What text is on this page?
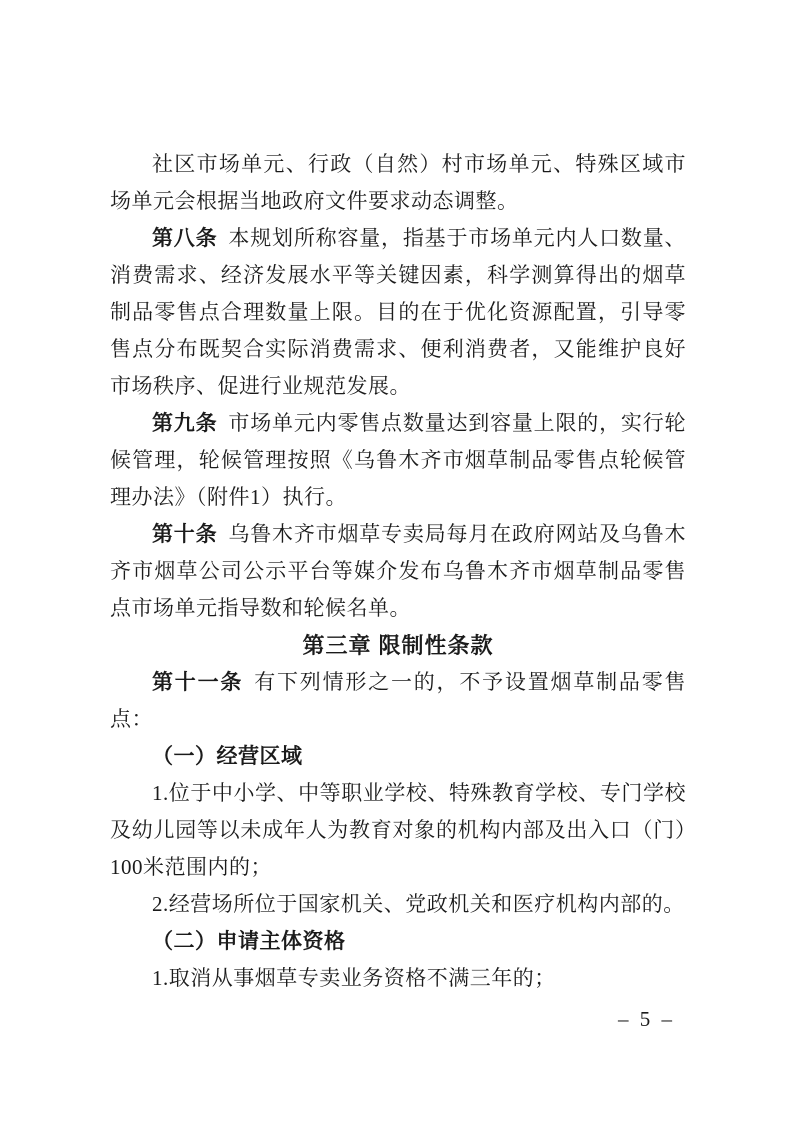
社区市场单元、行政（自然）村市场单元、特殊区域市场单元会根据当地政府文件要求动态调整。

第八条 本规划所称容量，指基于市场单元内人口数量、消费需求、经济发展水平等关键因素，科学测算得出的烟草制品零售点合理数量上限。目的在于优化资源配置，引导零售点分布既契合实际消费需求、便利消费者，又能维护良好市场秩序、促进行业规范发展。

第九条 市场单元内零售点数量达到容量上限的，实行轮候管理，轮候管理按照《乌鲁木齐市烟草制品零售点轮候管理办法》（附件1）执行。

第十条 乌鲁木齐市烟草专卖局每月在政府网站及乌鲁木齐市烟草公司公示平台等媒介发布乌鲁木齐市烟草制品零售点市场单元指导数和轮候名单。

第三章 限制性条款

第十一条 有下列情形之一的，不予设置烟草制品零售点：

（一）经营区域

1.位于中小学、中等职业学校、特殊教育学校、专门学校及幼儿园等以未成年人为教育对象的机构内部及出入口（门）100米范围内的；

2.经营场所位于国家机关、党政机关和医疗机构内部的。

（二）申请主体资格

1.取消从事烟草专卖业务资格不满三年的；

– 5 –
